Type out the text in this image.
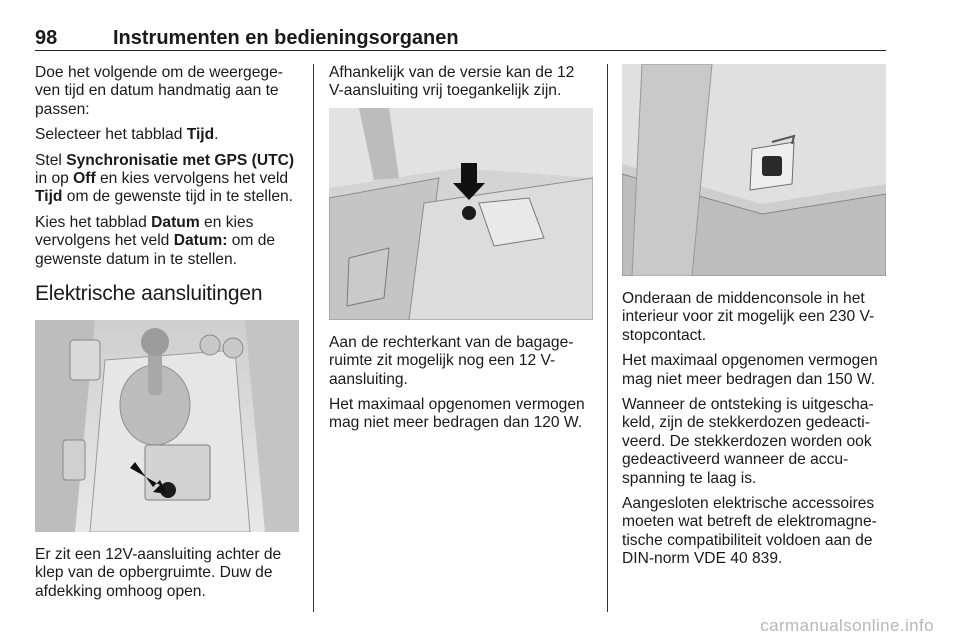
98	Instrumenten en bedieningsorganen

Doe het volgende om de weergege-ven tijd en datum handmatig aan te passen:

Selecteer het tabblad Tijd.

Stel Synchronisatie met GPS (UTC) in op Off en kies vervolgens het veld Tijd om de gewenste tijd in te stellen.

Kies het tabblad Datum en kies vervolgens het veld Datum: om de gewenste datum in te stellen.

Elektrische aansluitingen

Er zit een 12V-aansluiting achter de klep van de opbergruimte. Duw de afdekking omhoog open.

Afhankelijk van de versie kan de 12 V-aansluiting vrij toegankelijk zijn.

Aan de rechterkant van de bagage-ruimte zit mogelijk nog een 12 V-aansluiting.

Het maximaal opgenomen vermogen mag niet meer bedragen dan 120 W.

Onderaan de middenconsole in het interieur voor zit mogelijk een 230 V-stopcontact.

Het maximaal opgenomen vermogen mag niet meer bedragen dan 150 W.

Wanneer de ontsteking is uitgescha-keld, zijn de stekkerdozen gedeacti-veerd. De stekkerdozen worden ook gedeactiveerd wanneer de accu-spanning te laag is.

Aangesloten elektrische accessoires moeten wat betreft de elektromagne-tische compatibiliteit voldoen aan de DIN-norm VDE 40 839.

carmanualsonline.info
